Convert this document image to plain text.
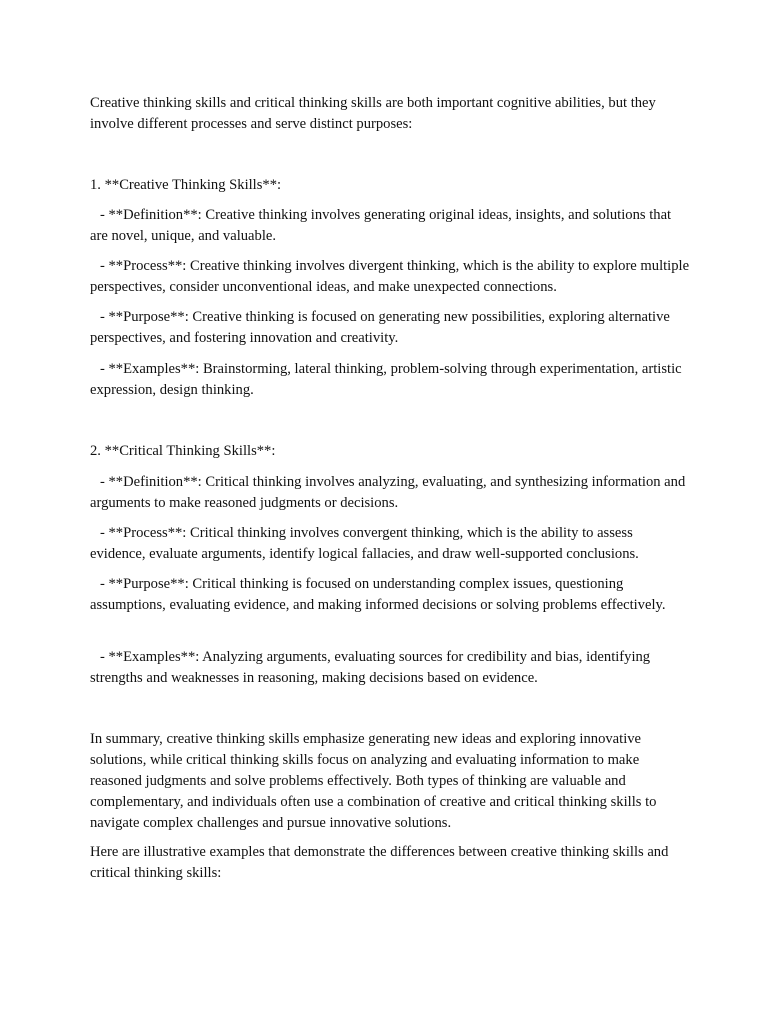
Creative thinking skills and critical thinking skills are both important cognitive abilities, but they involve different processes and serve distinct purposes:

1. **Creative Thinking Skills**:

- **Definition**: Creative thinking involves generating original ideas, insights, and solutions that are novel, unique, and valuable.

- **Process**: Creative thinking involves divergent thinking, which is the ability to explore multiple perspectives, consider unconventional ideas, and make unexpected connections.

- **Purpose**: Creative thinking is focused on generating new possibilities, exploring alternative perspectives, and fostering innovation and creativity.

- **Examples**: Brainstorming, lateral thinking, problem-solving through experimentation, artistic expression, design thinking.

2. **Critical Thinking Skills**:

- **Definition**: Critical thinking involves analyzing, evaluating, and synthesizing information and arguments to make reasoned judgments or decisions.

- **Process**: Critical thinking involves convergent thinking, which is the ability to assess evidence, evaluate arguments, identify logical fallacies, and draw well-supported conclusions.

- **Purpose**: Critical thinking is focused on understanding complex issues, questioning assumptions, evaluating evidence, and making informed decisions or solving problems effectively.

- **Examples**: Analyzing arguments, evaluating sources for credibility and bias, identifying strengths and weaknesses in reasoning, making decisions based on evidence.

In summary, creative thinking skills emphasize generating new ideas and exploring innovative solutions, while critical thinking skills focus on analyzing and evaluating information to make reasoned judgments and solve problems effectively. Both types of thinking are valuable and complementary, and individuals often use a combination of creative and critical thinking skills to navigate complex challenges and pursue innovative solutions.

Here are illustrative examples that demonstrate the differences between creative thinking skills and critical thinking skills:
